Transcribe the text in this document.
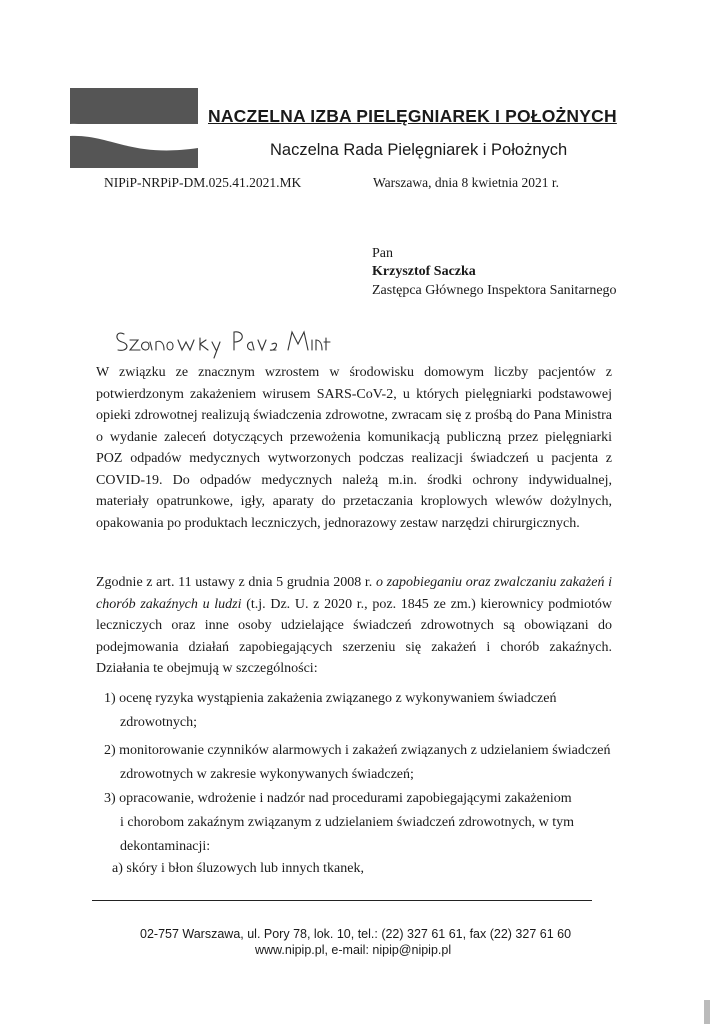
NACZELNA IZBA PIELĘGNIAREK I POŁOŻNYCH
Naczelna Rada Pielęgniarek i Położnych
NIPiP-NRPiP-DM.025.41.2021.MK	Warszawa, dnia 8 kwietnia 2021 r.
Pan
Krzysztof Saczka
Zastępca Głównego Inspektora Sanitarnego
W związku ze znacznym wzrostem w środowisku domowym liczby pacjentów z potwierdzonym zakażeniem wirusem SARS-CoV-2, u których pielęgniarki podstawowej opieki zdrowotnej realizują świadczenia zdrowotne, zwracam się z prośbą do Pana Ministra o wydanie zaleceń dotyczących przewożenia komunikacją publiczną przez pielęgniarki POZ odpadów medycznych wytworzonych podczas realizacji świadczeń u pacjenta z COVID-19. Do odpadów medycznych należą m.in. środki ochrony indywidualnej, materiały opatrunkowe, igły, aparaty do przetaczania kroplowych wlewów dożylnych, opakowania po produktach leczniczych, jednorazowy zestaw narzędzi chirurgicznych.
Zgodnie z art. 11 ustawy z dnia 5 grudnia 2008 r. o zapobieganiu oraz zwalczaniu zakażeń i chorób zakaźnych u ludzi (t.j. Dz. U. z 2020 r., poz. 1845 ze zm.) kierownicy podmiotów leczniczych oraz inne osoby udzielające świadczeń zdrowotnych są obowiązani do podejmowania działań zapobiegających szerzeniu się zakażeń i chorób zakaźnych. Działania te obejmują w szczególności:
1) ocenę ryzyka wystąpienia zakażenia związanego z wykonywaniem świadczeń
zdrowotnych;
2) monitorowanie czynników alarmowych i zakażeń związanych z udzielaniem świadczeń
zdrowotnych w zakresie wykonywanych świadczeń;
3) opracowanie, wdrożenie i nadzór nad procedurami zapobiegającymi zakażeniom
i chorobom zakaźnym związanym z udzielaniem świadczeń zdrowotnych, w tym dekontaminacji:
a) skóry i błon śluzowych lub innych tkanek,
02-757 Warszawa, ul. Pory 78, lok. 10, tel.: (22) 327 61 61, fax (22) 327 61 60
www.nipip.pl, e-mail: nipip@nipip.pl
